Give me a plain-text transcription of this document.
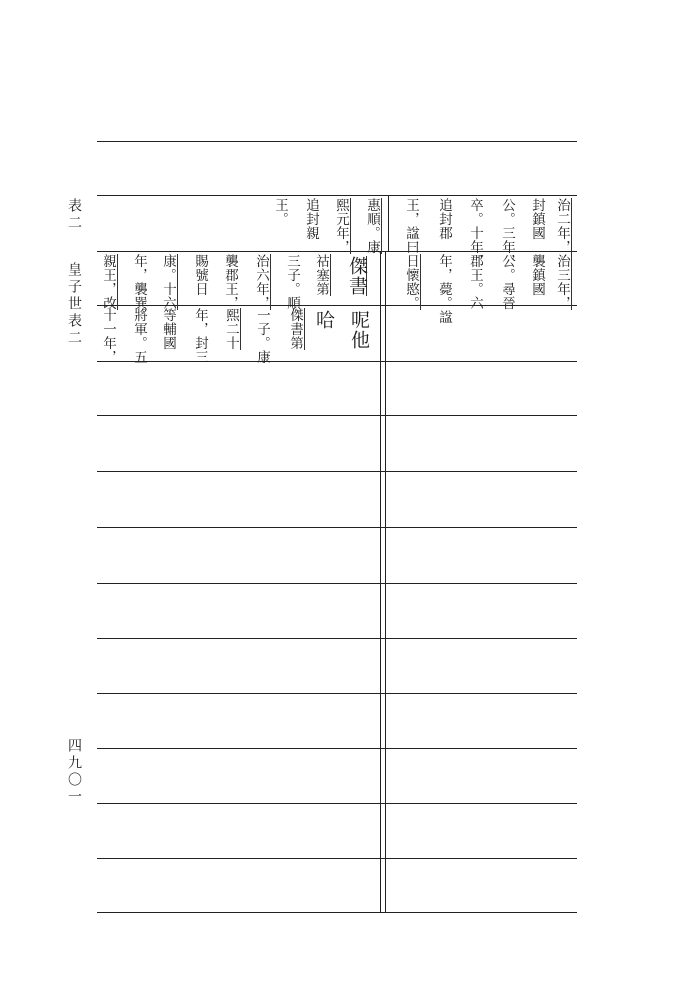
表二
皇子世表二
四九〇一
治二年，
封鎮國
公。三年，
卒。十年，
追封郡
王，諡曰
惠順。康
熙元年，
追封親
王。
治三年，
襲鎮國
公。尋晉
郡王。六
年，薨。諡
日懷愍。
傑書
祜塞第
三子。順
治六年，
襲郡王，
賜號日
康。十六
年，襲巽
親王，改
呢他
哈
傑書第
一子。康
熙二十
年，封三
等輔國
將軍。五
十一年，
